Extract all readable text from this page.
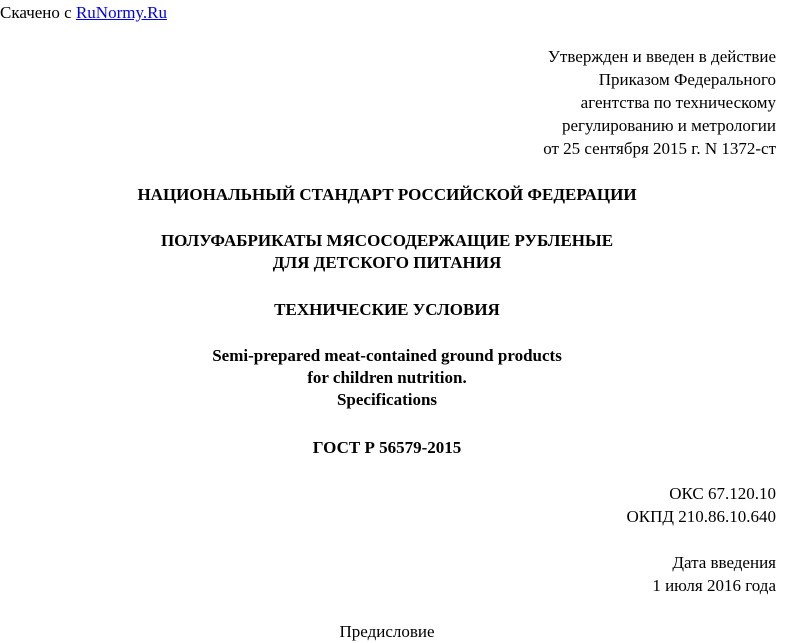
Скачено с RuNormy.Ru
Утвержден и введен в действие
Приказом Федерального
агентства по техническому
регулированию и метрологии
от 25 сентября 2015 г. N 1372-ст
НАЦИОНАЛЬНЫЙ СТАНДАРТ РОССИЙСКОЙ ФЕДЕРАЦИИ
ПОЛУФАБРИКАТЫ МЯСОСОДЕРЖАЩИЕ РУБЛЕНЫЕ
ДЛЯ ДЕТСКОГО ПИТАНИЯ
ТЕХНИЧЕСКИЕ УСЛОВИЯ
Semi-prepared meat-contained ground products
for children nutrition.
Specifications
ГОСТ Р 56579-2015
ОКС 67.120.10
ОКПД 210.86.10.640
Дата введения
1 июля 2016 года
Предисловие
